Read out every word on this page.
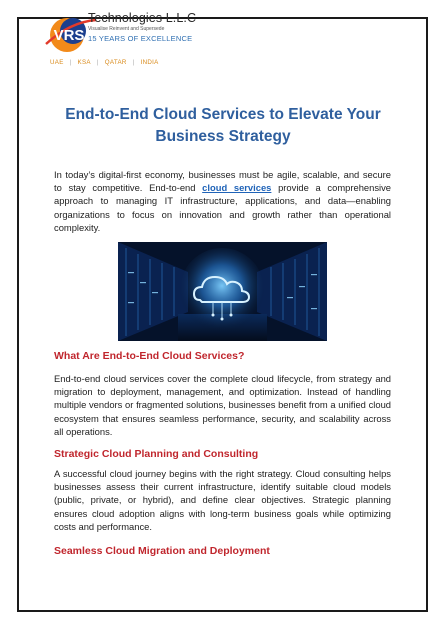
VRS
Technologies L.L.C
Visualise Reinvent and Supersede
15 YEARS OF EXCELLENCE
UAE | KSA | QATAR | INDIA
End-to-End Cloud Services to Elevate Your
Business Strategy
In today’s digital-first economy, businesses must be agile, scalable, and secure to stay competitive. End-to-end cloud services provide a comprehensive approach to managing IT infrastructure, applications, and data—enabling organizations to focus on innovation and growth rather than operational complexity.
What Are End-to-End Cloud Services?
End-to-end cloud services cover the complete cloud lifecycle, from strategy and migration to deployment, management, and optimization. Instead of handling multiple vendors or fragmented solutions, businesses benefit from a unified cloud ecosystem that ensures seamless performance, security, and scalability across all operations.
Strategic Cloud Planning and Consulting
A successful cloud journey begins with the right strategy. Cloud consulting helps businesses assess their current infrastructure, identify suitable cloud models (public, private, or hybrid), and define clear objectives. Strategic planning ensures cloud adoption aligns with long-term business goals while optimizing costs and performance.
Seamless Cloud Migration and Deployment
